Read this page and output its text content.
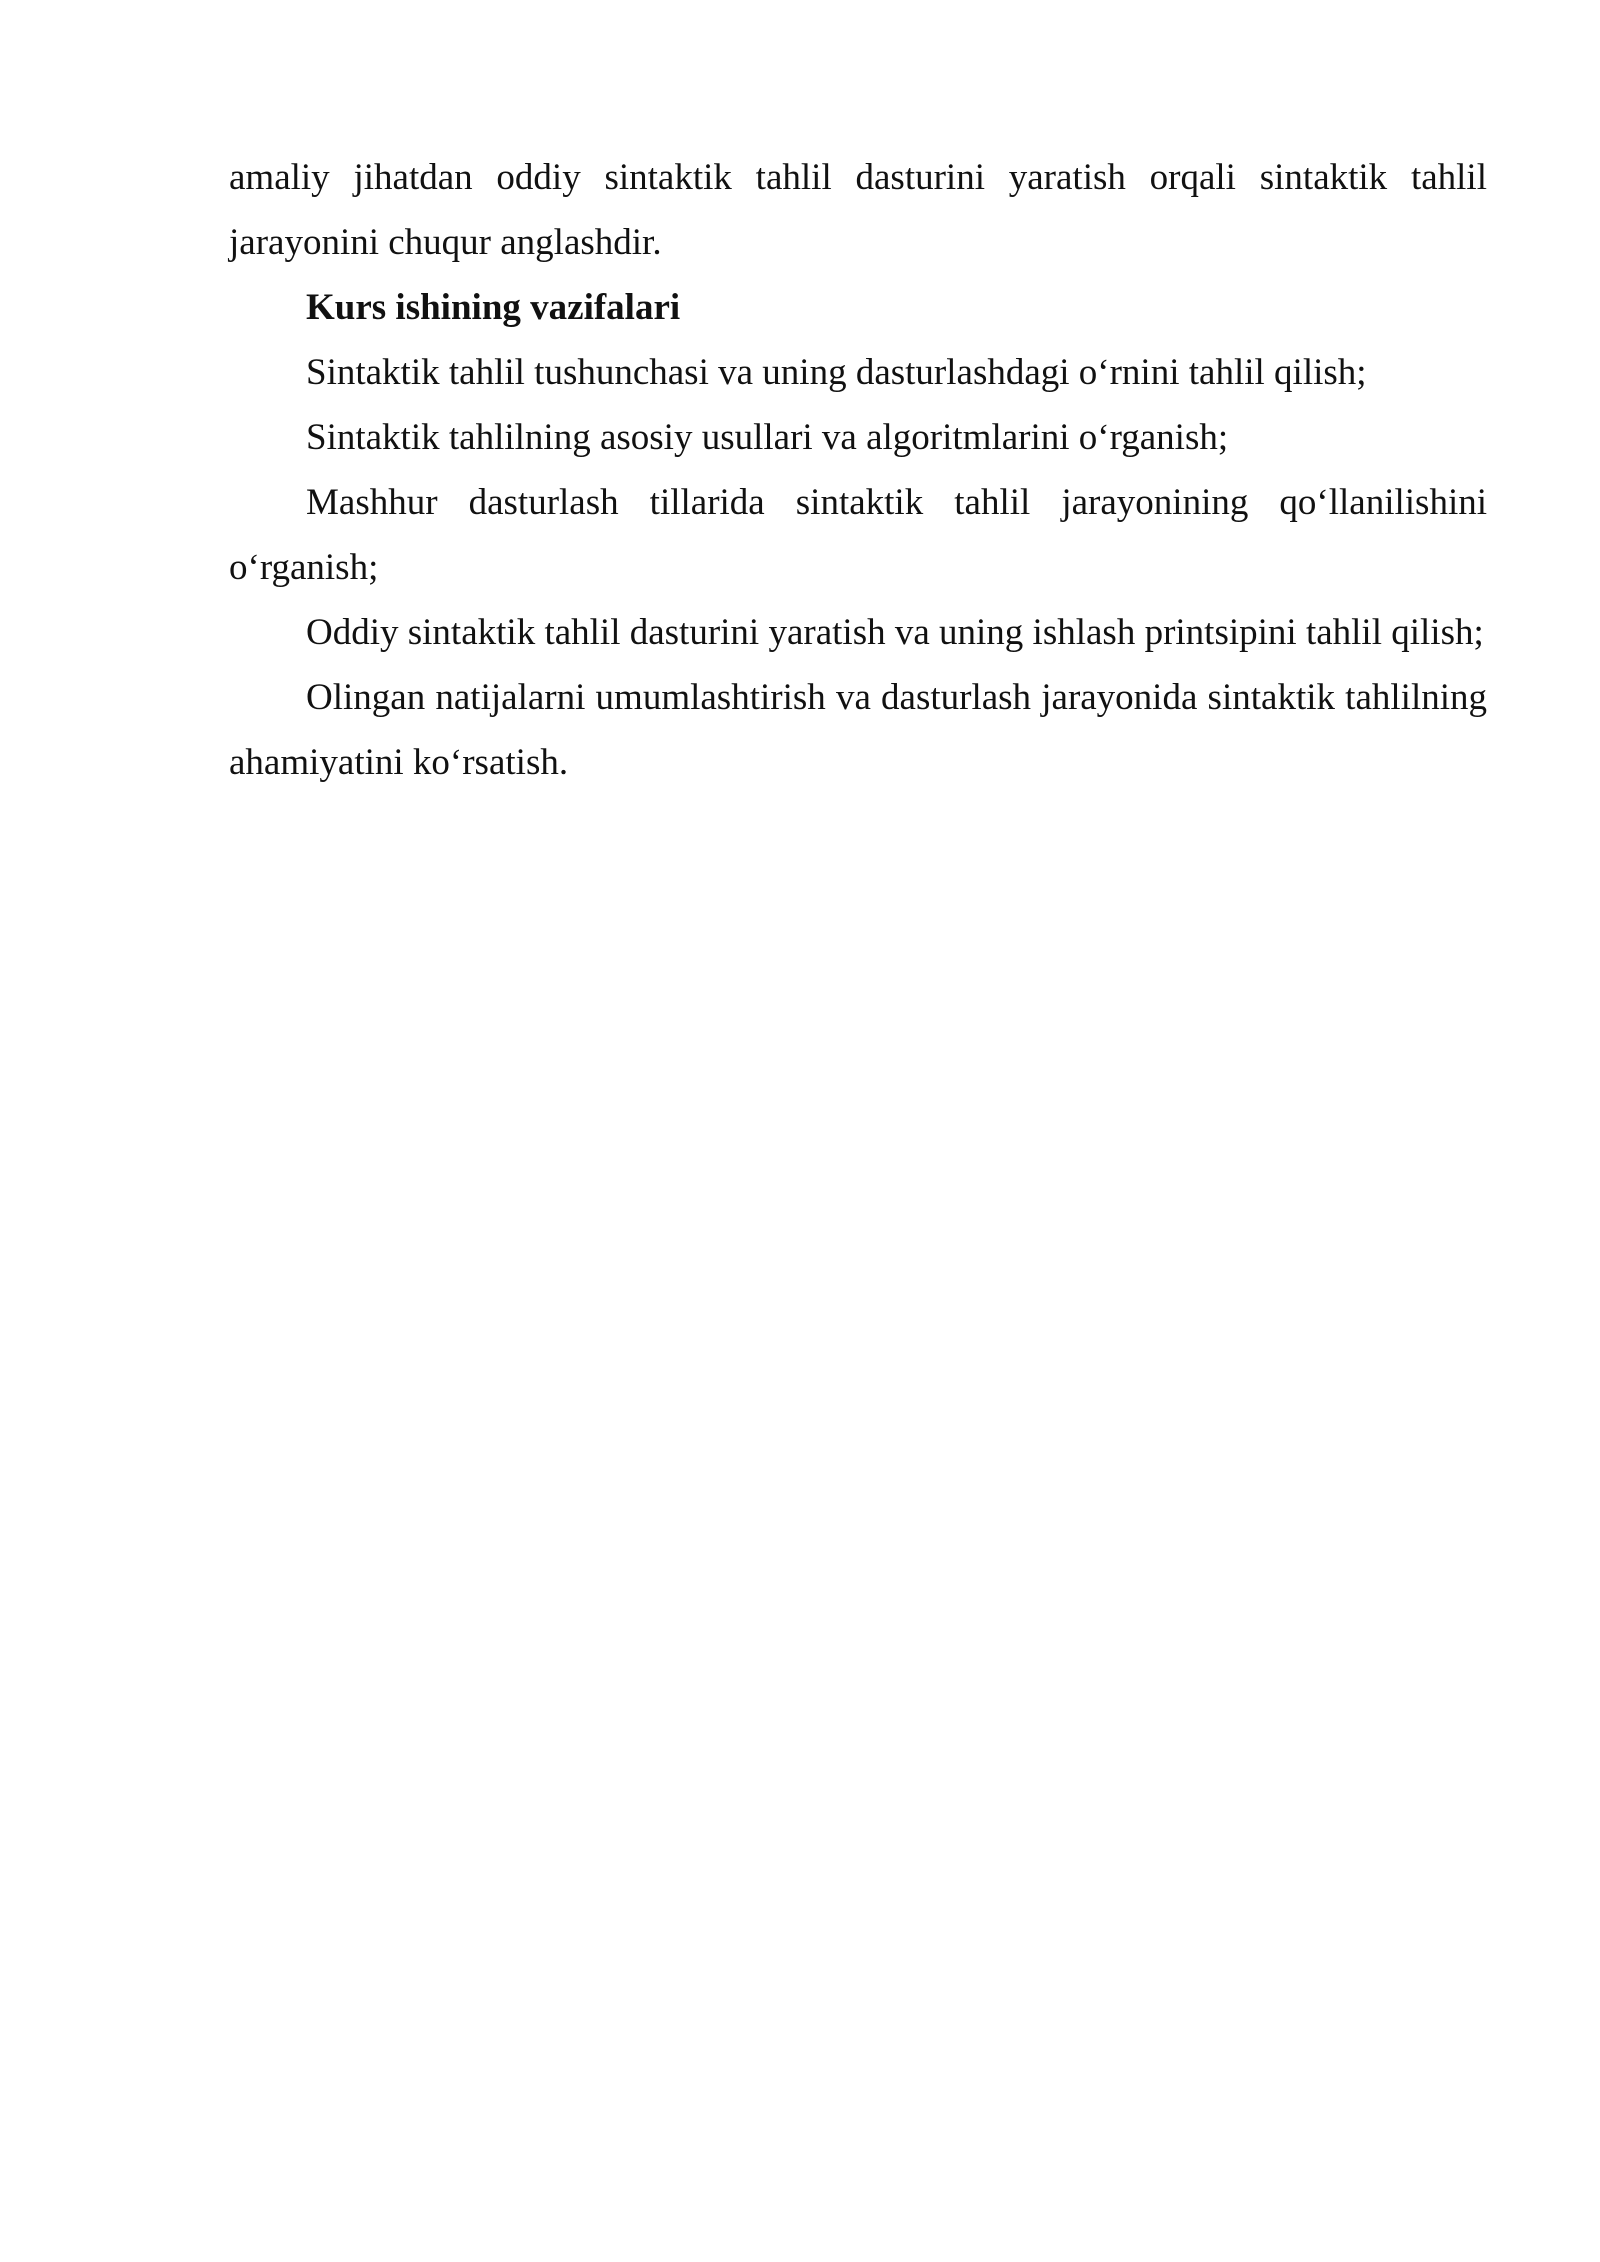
amaliy jihatdan oddiy sintaktik tahlil dasturini yaratish orqali sintaktik tahlil jarayonini chuqur anglashdir.

Kurs ishining vazifalari

Sintaktik tahlil tushunchasi va uning dasturlashdagi o‘rnini tahlil qilish;

Sintaktik tahlilning asosiy usullari va algoritmlarini o‘rganish;

Mashhur dasturlash tillarida sintaktik tahlil jarayonining qo‘llanilishini o‘rganish;

Oddiy sintaktik tahlil dasturini yaratish va uning ishlash printsipini tahlil qilish;

Olingan natijalarni umumlashtirish va dasturlash jarayonida sintaktik tahlilning ahamiyatini ko‘rsatish.
